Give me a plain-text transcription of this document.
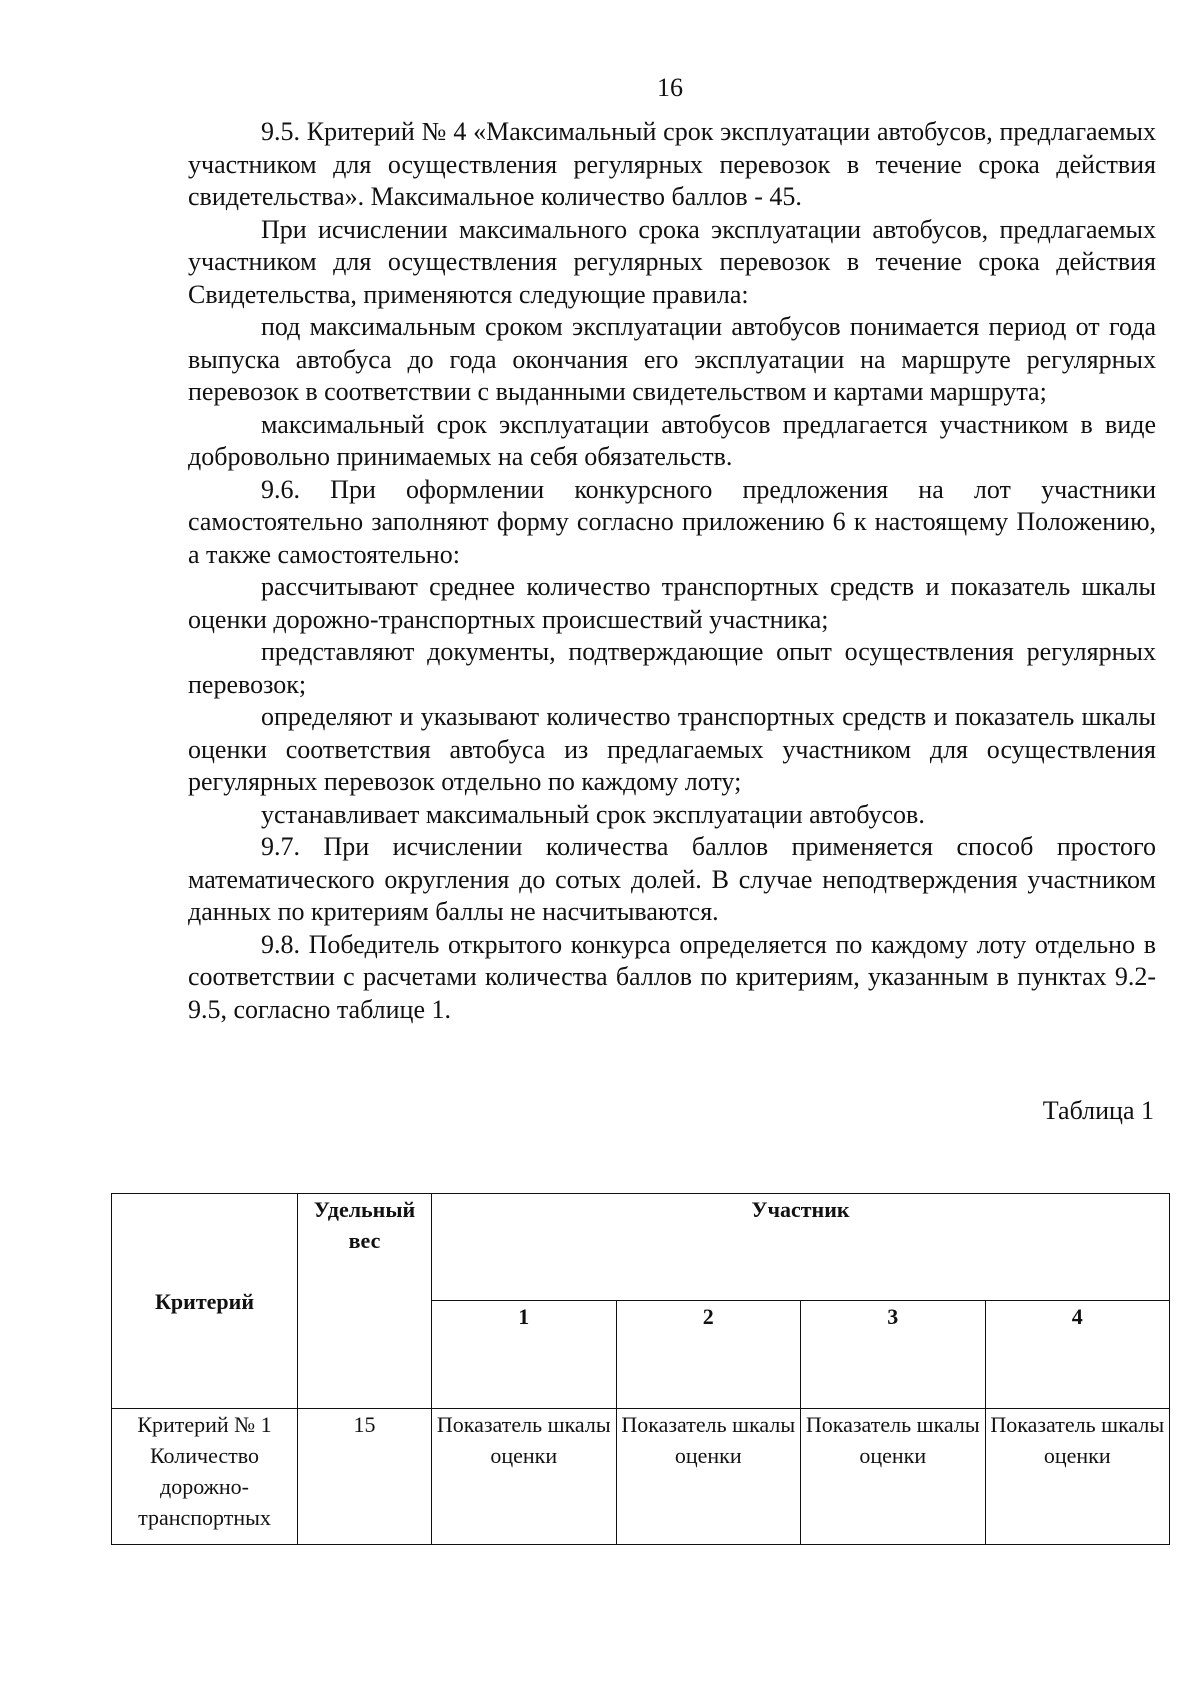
16

9.5. Критерий № 4 «Максимальный срок эксплуатации автобусов, предлагаемых участником для осуществления регулярных перевозок в течение срока действия свидетельства». Максимальное количество баллов - 45.

При исчислении максимального срока эксплуатации автобусов, предлагаемых участником для осуществления регулярных перевозок в течение срока действия Свидетельства, применяются следующие правила:

под максимальным сроком эксплуатации автобусов понимается период от года выпуска автобуса до года окончания его эксплуатации на маршруте регулярных перевозок в соответствии с выданными свидетельством и картами маршрута;

максимальный срок эксплуатации автобусов предлагается участником в виде добровольно принимаемых на себя обязательств.

9.6. При оформлении конкурсного предложения на лот участники самостоятельно заполняют форму согласно приложению 6 к настоящему Положению, а также самостоятельно:

рассчитывают среднее количество транспортных средств и показатель шкалы оценки дорожно-транспортных происшествий участника;

представляют документы, подтверждающие опыт осуществления регулярных перевозок;

определяют и указывают количество транспортных средств и показатель шкалы оценки соответствия автобуса из предлагаемых участником для осуществления регулярных перевозок отдельно по каждому лоту;

устанавливает максимальный срок эксплуатации автобусов.

9.7. При исчислении количества баллов применяется способ простого математического округления до сотых долей. В случае неподтверждения участником данных по критериям баллы не насчитываются.

9.8. Победитель открытого конкурса определяется по каждому лоту отдельно в соответствии с расчетами количества баллов по критериям, указанным в пунктах 9.2-9.5, согласно таблице 1.

Таблица 1
Критерий	Удельный вес	Участник			
		1	2	3	4
Критерий № 1 Количество дорожно-транспортных	15	Показатель шкалы оценки	Показатель шкалы оценки	Показатель шкалы оценки	Показатель шкалы оценки
